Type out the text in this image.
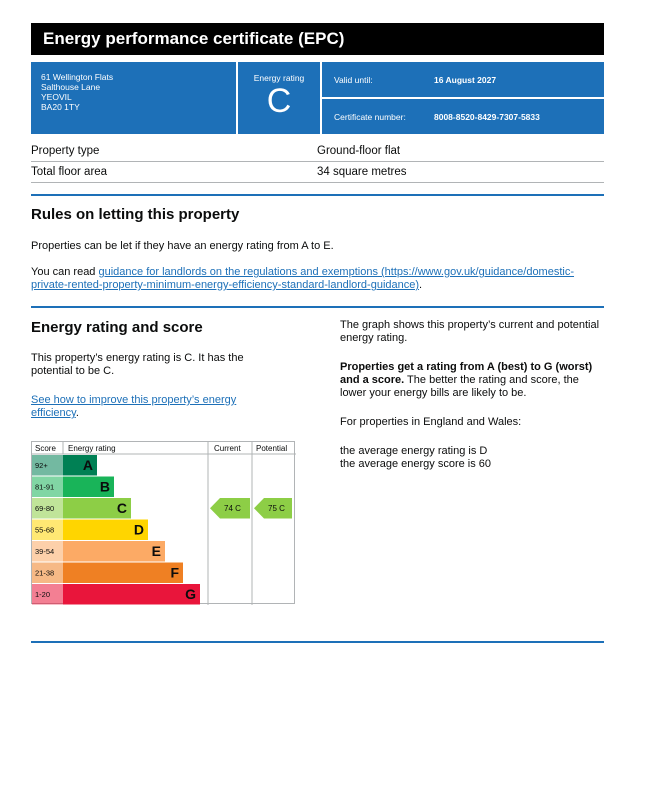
Energy performance certificate (EPC)
61 Wellington Flats
Salthouse Lane
YEOVIL
BA20 1TY
Energy rating
C
Valid until:	16 August 2027
Certificate number:	8008-8520-8429-7307-5833
Property type	Ground-floor flat
Total floor area	34 square metres
Rules on letting this property

Properties can be let if they have an energy rating from A to E.

You can read guidance for landlords on the regulations and exemptions (https://www.gov.uk/guidance/domestic-private-rented-property-minimum-energy-efficiency-standard-landlord-guidance).

Energy rating and score

This property’s energy rating is C. It has the potential to be C.

See how to improve this property’s energy efficiency.

Score Energy rating	Current Potential
92+	A
81-91	B
69-80	C
55-68	D
39-54	E
21-38	F
1-20	G
74 C	75 C

The graph shows this property’s current and potential energy rating.

Properties get a rating from A (best) to G (worst) and a score. The better the rating and score, the lower your energy bills are likely to be.

For properties in England and Wales:

the average energy rating is D

the average energy score is 60
